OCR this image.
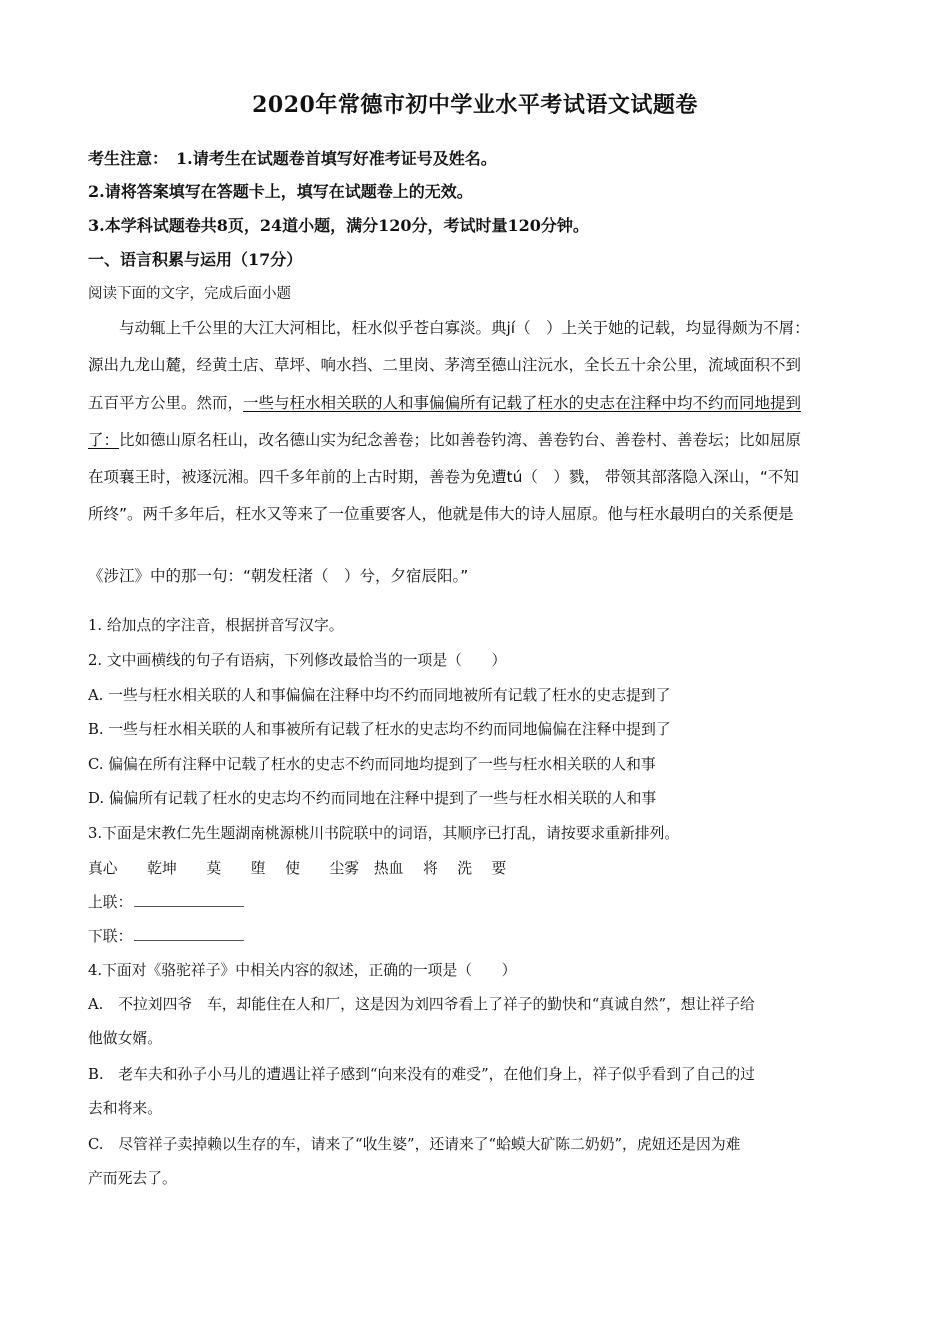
2020年常德市初中学业水平考试语文试题卷
考生注意：　1.请考生在试题卷首填写好准考证号及姓名。
2.请将答案填写在答题卡上，填写在试题卷上的无效。
3.本学科试题卷共8页，24道小题，满分120分，考试时量120分钟。
一、语言积累与运用（17分）
阅读下面的文字，完成后面小题
　　与动辄上千公里的大江大河相比，枉水似乎苍白寡淡。典jí（　）上关于她的记载，均显得颇为不屑：
源出九龙山麓，经黄土店、草坪、响水挡、二里岗、茅湾至德山注沅水，全长五十余公里，流域面积不到
五百平方公里。然而，一些与枉水相关联的人和事偏偏所有记载了枉水的史志在注释中均不约而同地提到
了：比如德山原名枉山，改名德山实为纪念善卷；比如善卷钓湾、善卷钓台、善卷村、善卷坛；比如屈原
在项襄王时，被逐沅湘。四千多年前的上古时期，善卷为免遭tú（　）戮， 带领其部落隐入深山，“不知
所终”。两千多年后，枉水又等来了一位重要客人，他就是伟大的诗人屈原。他与枉水最明白的关系便是
《涉江》中的那一句：“朝发枉渚（　）兮，夕宿辰阳。”
1. 给加点的字注音，根据拼音写汉字。
2. 文中画横线的句子有语病，下列修改最恰当的一项是（　　）
A. 一些与枉水相关联的人和事偏偏在注释中均不约而同地被所有记载了枉水的史志提到了
B. 一些与枉水相关联的人和事被所有记载了枉水的史志均不约而同地偏偏在注释中提到了
C. 偏偏在所有注释中记载了枉水的史志不约而同地均提到了一些与枉水相关联的人和事
D. 偏偏所有记载了枉水的史志均不约而同地在注释中提到了一些与枉水相关联的人和事
3.下面是宋教仁先生题湖南桃源桃川书院联中的词语，其顺序已打乱，请按要求重新排列。
真心　　乾坤　　莫　　堕　 使　　尘雾　热血　 将　 洗　 要
上联：
下联：
4.下面对《骆驼祥子》中相关内容的叙述，正确的一项是（　　）
A.　不拉刘四爷　车，却能住在人和厂，这是因为刘四爷看上了祥子的勤快和“真诚自然”，想让祥子给
他做女婿。
B.　老车夫和孙子小马儿的遭遇让祥子感到“向来没有的难受”，在他们身上，祥子似乎看到了自己的过
去和将来。
C.　尽管祥子卖掉赖以生存的车，请来了“收生婆”，还请来了“蛤蟆大矿陈二奶奶”，虎妞还是因为难
产而死去了。
